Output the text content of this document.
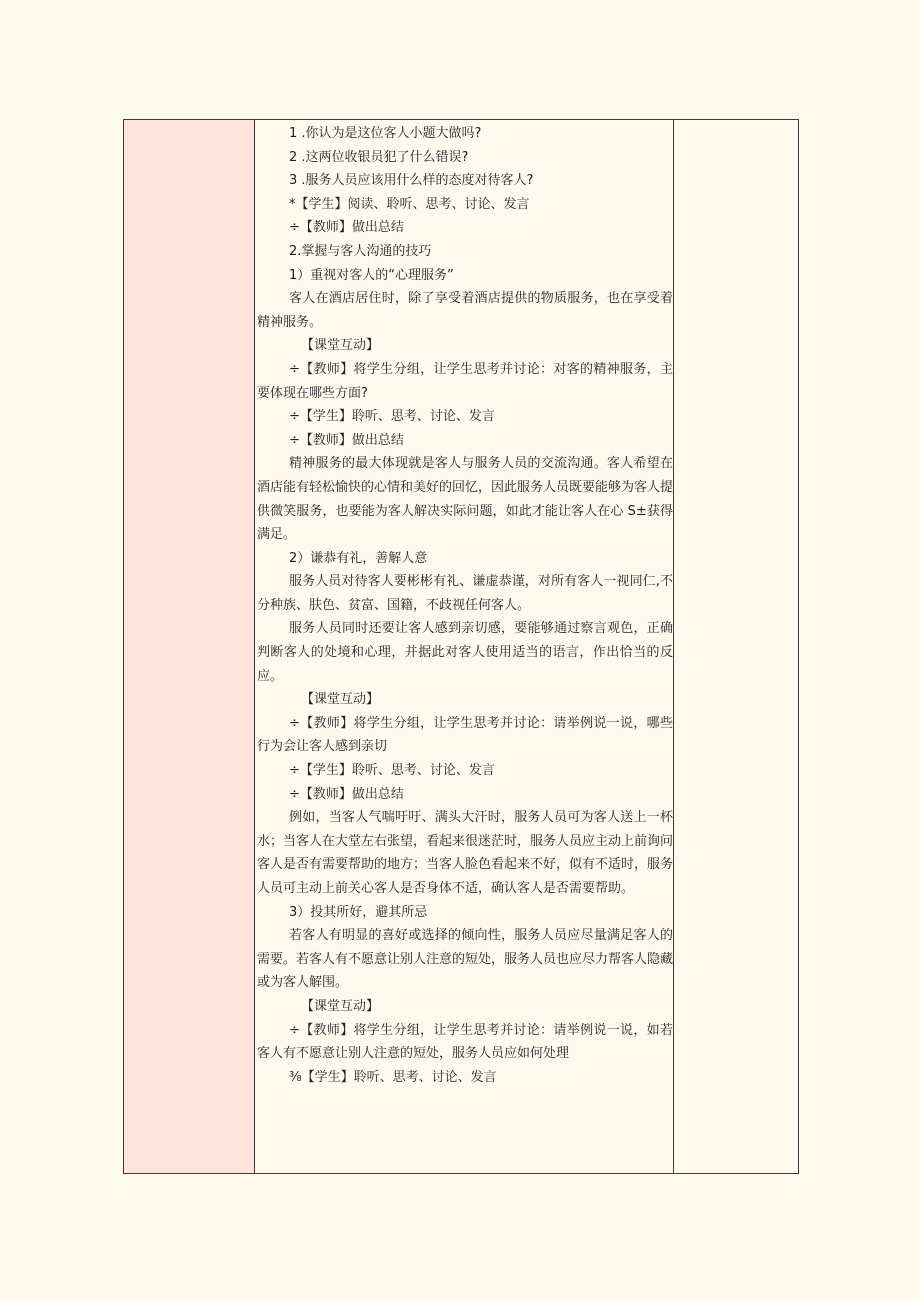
1 .你认为是这位客人小题大做吗?

2 .这两位收银员犯了什么错误?

3 .服务人员应该用什么样的态度对待客人?

*【学生】阅读、聆听、思考、讨论、发言

÷【教师】做出总结

2.掌握与客人沟通的技巧

1）重视对客人的“心理服务”

客人在酒店居住时，除了享受着酒店提供的物质服务，也在享受着精神服务。

【课堂互动】

÷【教师】将学生分组，让学生思考并讨论：对客的精神服务，主要体现在哪些方面?

÷【学生】聆听、思考、讨论、发言

÷【教师】做出总结

精神服务的最大体现就是客人与服务人员的交流沟通。客人希望在酒店能有轻松愉快的心情和美好的回忆，因此服务人员既要能够为客人提供微笑服务，也要能为客人解决实际问题，如此才能让客人在心 S±获得满足。

2）谦恭有礼，善解人意

服务人员对待客人要彬彬有礼、谦虚恭谨，对所有客人一视同仁,不分种族、肤色、贫富、国籍，不歧视任何客人。

服务人员同时还要让客人感到亲切感，要能够通过察言观色，正确判断客人的处境和心理，并据此对客人使用适当的语言，作出恰当的反应。

【课堂互动】

÷【教师】将学生分组，让学生思考并讨论：请举例说一说，哪些行为会让客人感到亲切

÷【学生】聆听、思考、讨论、发言

÷【教师】做出总结

例如，当客人气喘吁吁、满头大汗时，服务人员可为客人送上一杯水；当客人在大堂左右张望，看起来很迷茫时，服务人员应主动上前询问客人是否有需要帮助的地方；当客人脸色看起来不好，似有不适时，服务人员可主动上前关心客人是否身体不适，确认客人是否需要帮助。

3）投其所好，避其所忌

若客人有明显的喜好或选择的倾向性，服务人员应尽量满足客人的需要。若客人有不愿意让别人注意的短处，服务人员也应尽力帮客人隐藏或为客人解围。

【课堂互动】

÷【教师】将学生分组，让学生思考并讨论：请举例说一说，如若客人有不愿意让别人注意的短处，服务人员应如何处理

⅜【学生】聆听、思考、讨论、发言
